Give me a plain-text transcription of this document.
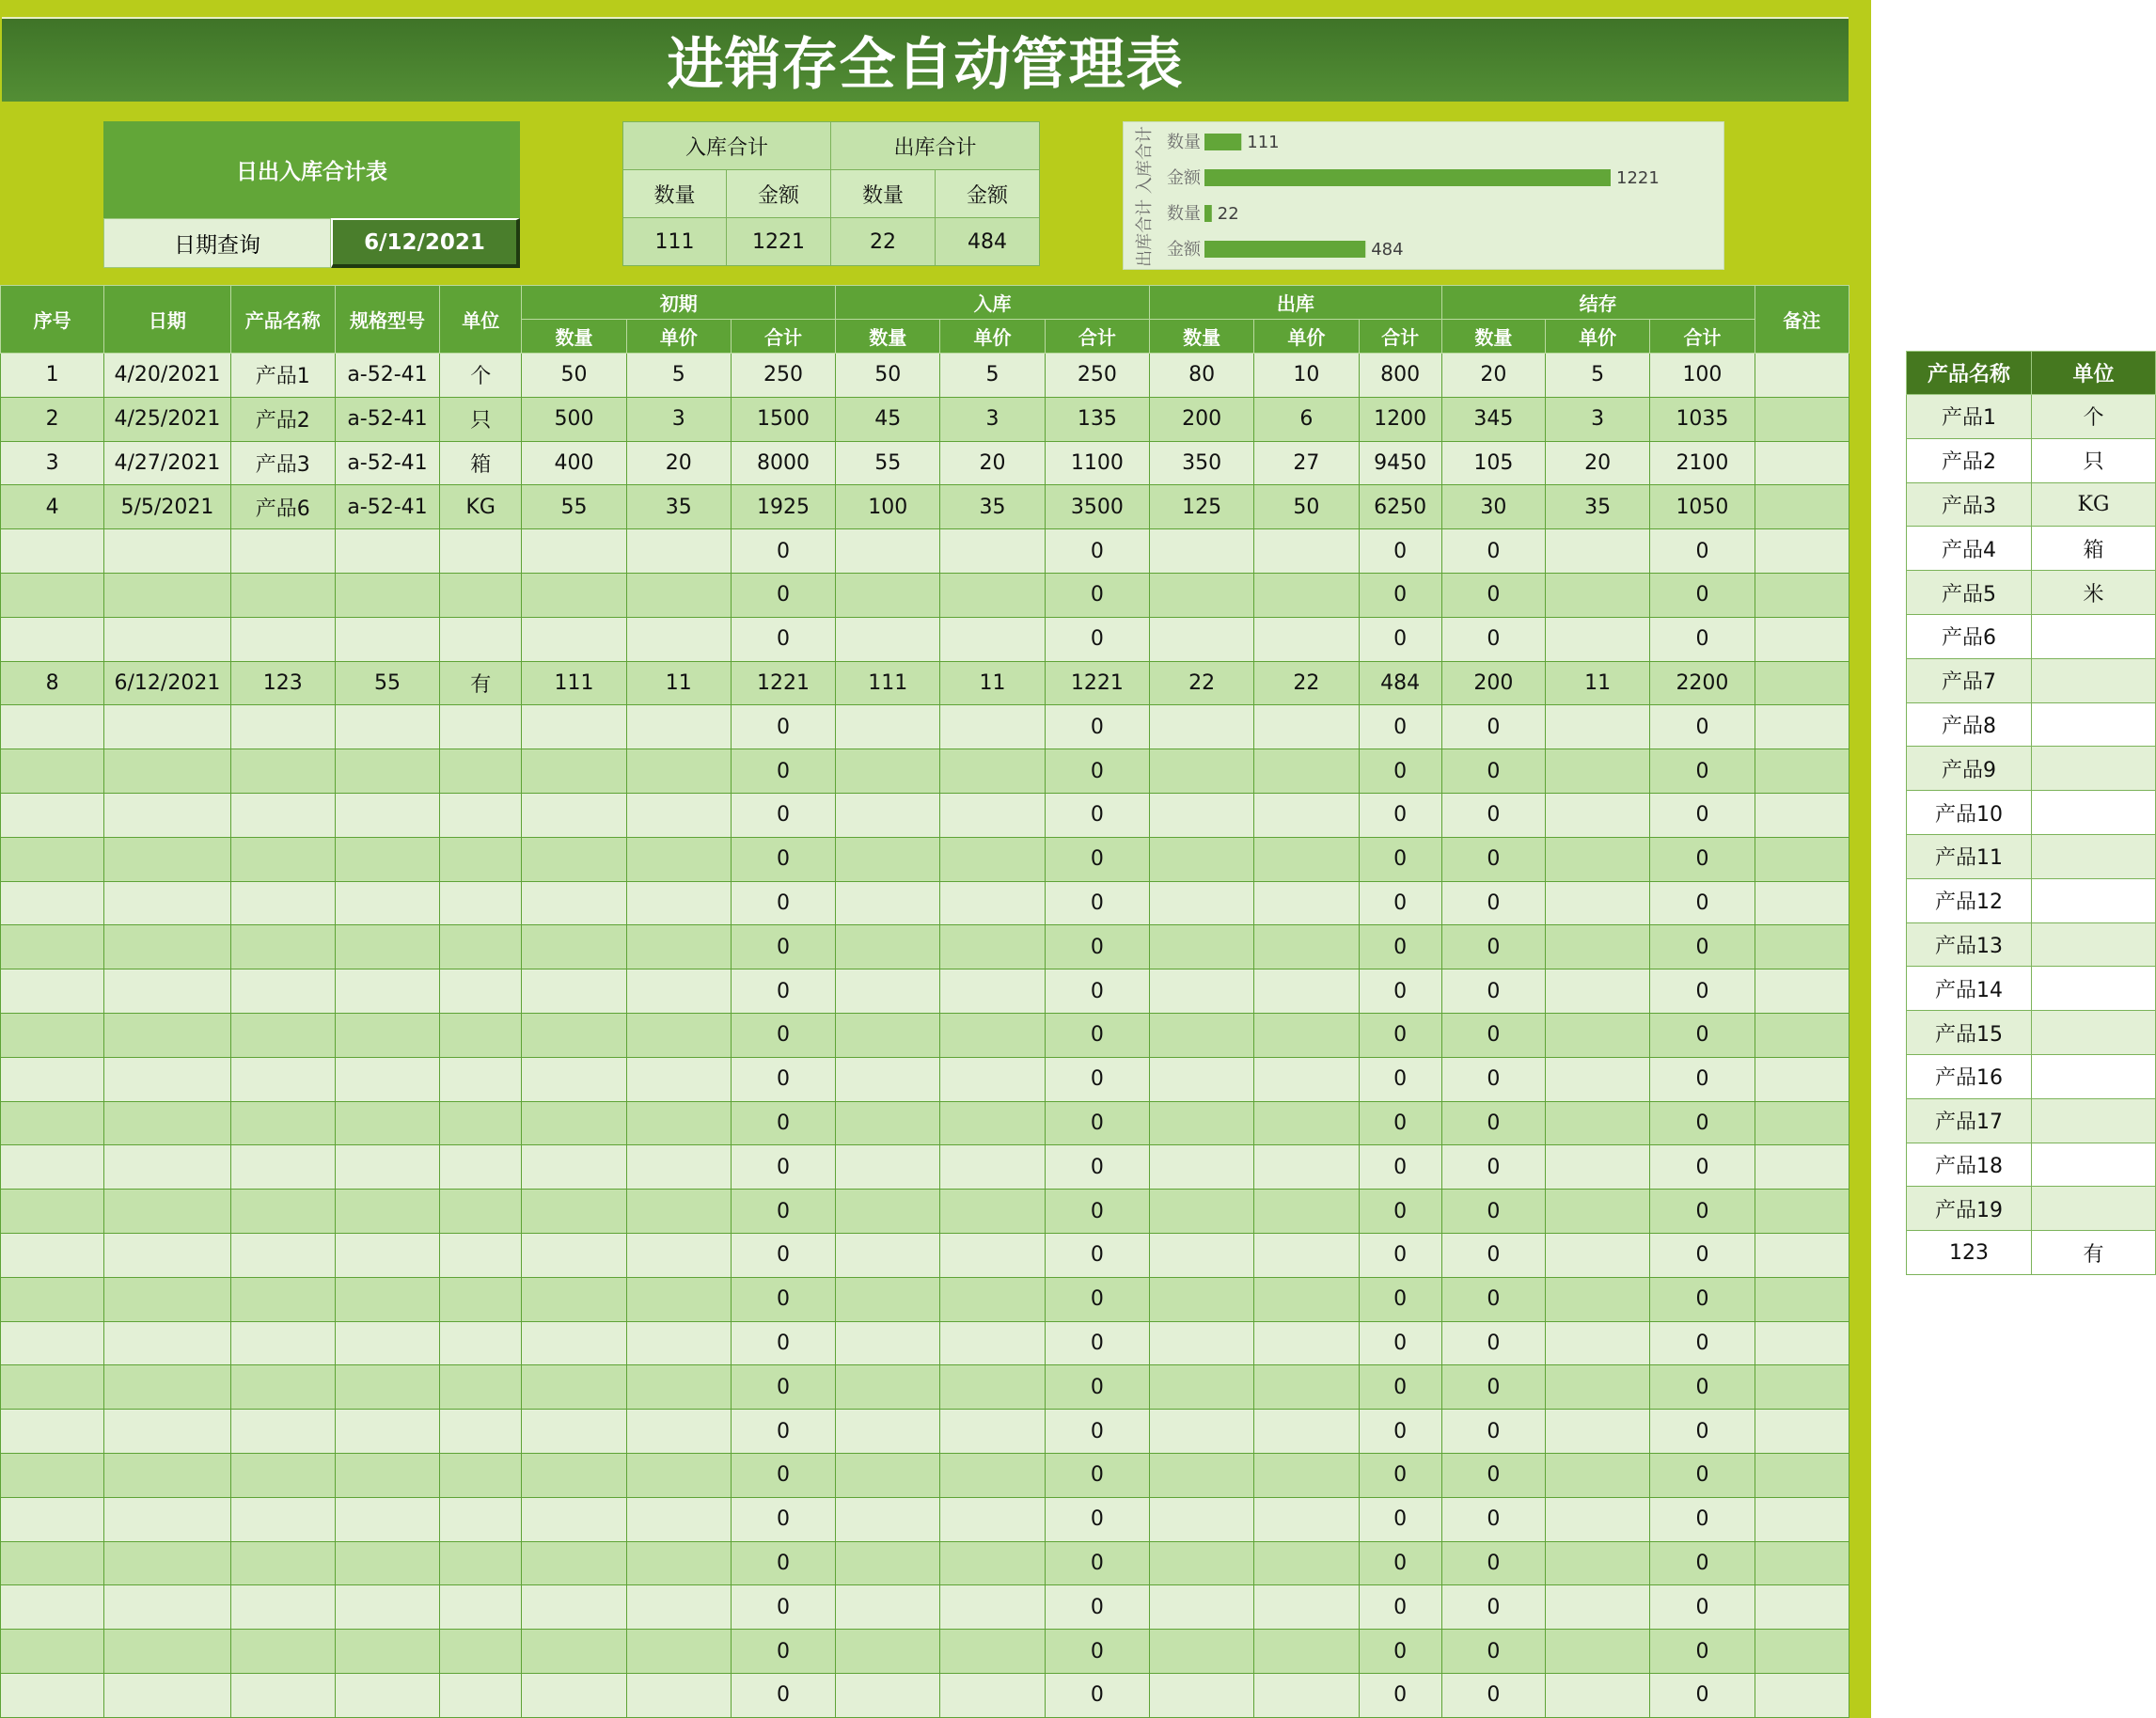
进销存全自动管理表
日出入库合计表
日期查询	6/12/2021
入库合计		出库合计	
数量	金额	数量	金额
111	1221	22	484	出库合计 入库合计 数量	111
金额	1221
数量 22
金额	484
序号	日期	产品名称	规格型号	单位	初期			入库			出库			结存			备注
					数量	单价	合计	数量	单价	合计	数量	单价	合计	数量	单价	合计	
1	4/20/2021	产品1	a-52-41	个	50	5	250	50	5	250	80	10	800	20	5	100	
2	4/25/2021	产品2	a-52-41	只	500	3	1500	45	3	135	200	6	1200	345	3	1035	
3	4/27/2021	产品3	a-52-41	箱	400	20	8000	55	20	1100	350	27	9450	105	20	2100	
4	5/5/2021	产品6	a-52-41	KG	55	35	1925	100	35	3500	125	50	6250	30	35	1050	
							0			0			0	0		0	
							0			0			0	0		0	
							0			0			0	0		0	
8	6/12/2021	123	55	有	111	11	1221	111	11	1221	22	22	484	200	11	2200	
							0			0			0	0		0	
							0			0			0	0		0	
							0			0			0	0		0	
							0			0			0	0		0	
							0			0			0	0		0	
							0			0			0	0		0	
							0			0			0	0		0	
							0			0			0	0		0	
							0			0			0	0		0	
							0			0			0	0		0	
							0			0			0	0		0	
							0			0			0	0		0	
							0			0			0	0		0	
							0			0			0	0		0	
							0			0			0	0		0	
							0			0			0	0		0	
							0			0			0	0		0	
							0			0			0	0		0	
							0			0			0	0		0	
							0			0			0	0		0	
							0			0			0	0		0	
							0			0			0	0		0	
							0			0			0	0		0	
产品名称	单位
产品1	个
产品2	只
产品3	KG
产品4	箱
产品5	米
产品6	
产品7	
产品8	
产品9	
产品10	
产品11	
产品12	
产品13	
产品14	
产品15	
产品16	
产品17	
产品18	
产品19	
123	有
